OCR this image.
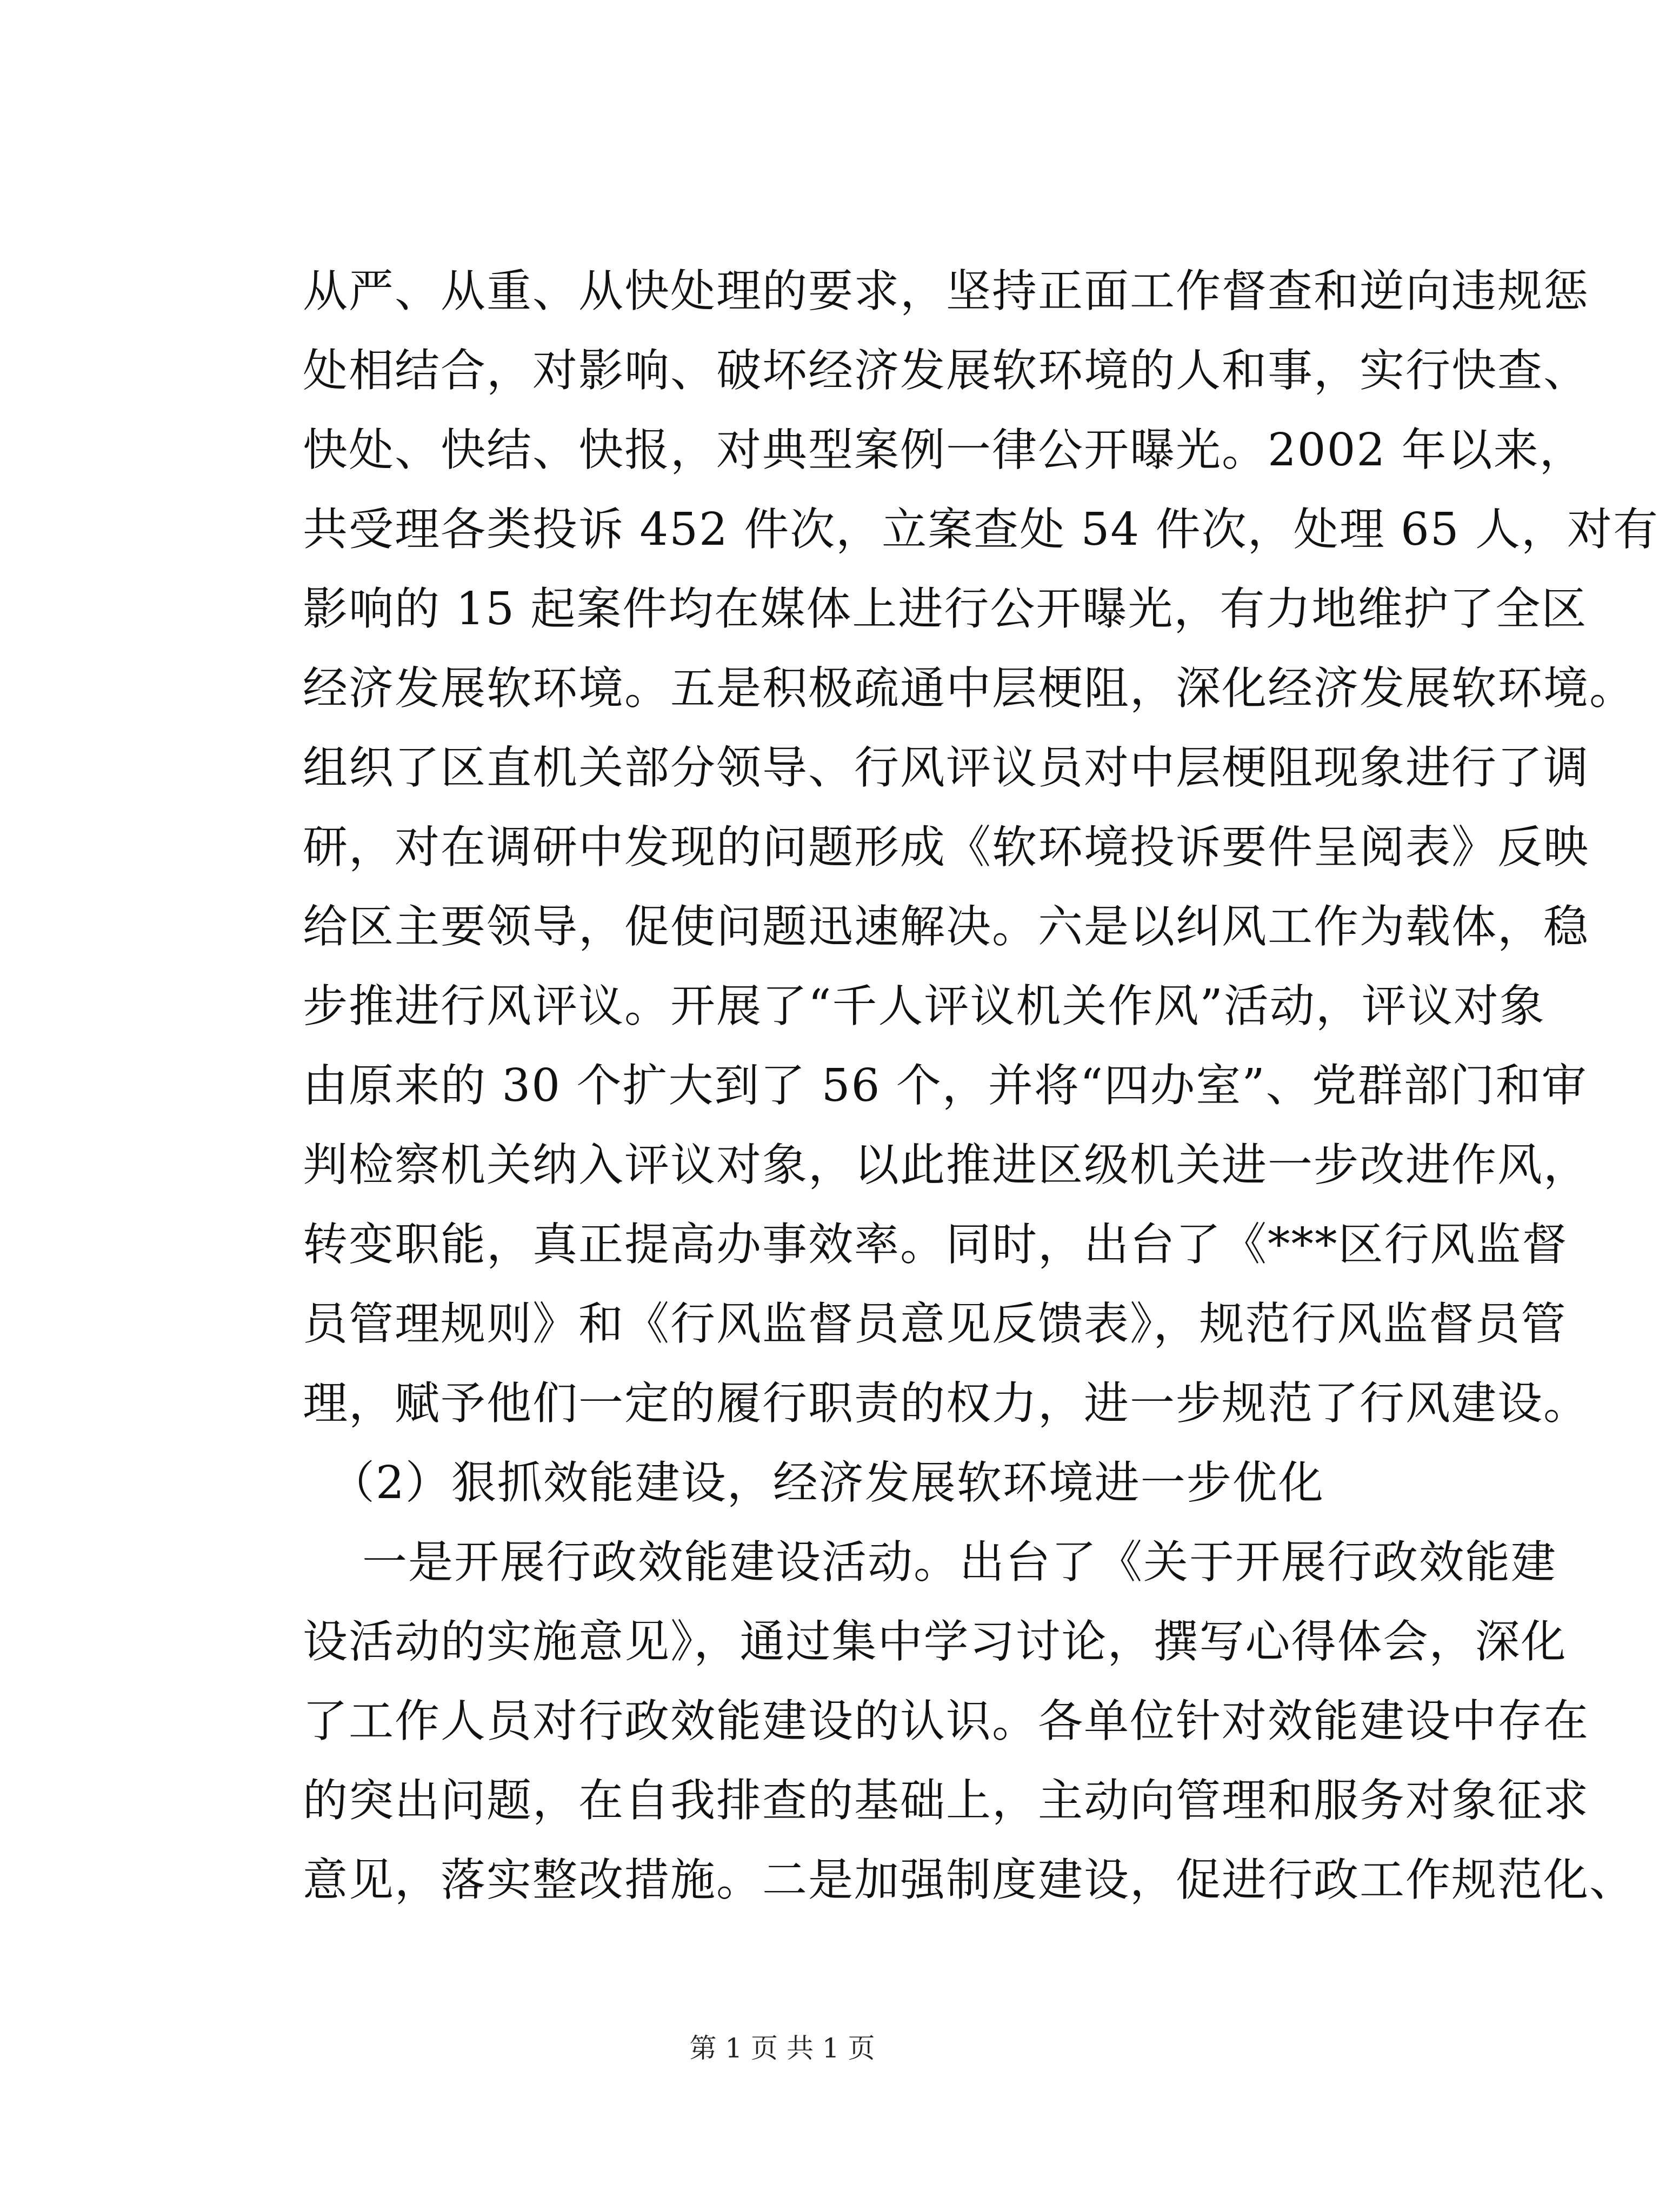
从严、从重、从快处理的要求，坚持正面工作督查和逆向违规惩
处相结合，对影响、破坏经济发展软环境的人和事，实行快查、
快处、快结、快报，对典型案例一律公开曝光。2002 年以来，
共受理各类投诉 452 件次，立案查处 54 件次，处理 65 人，对有
影响的 15 起案件均在媒体上进行公开曝光，有力地维护了全区
经济发展软环境。五是积极疏通中层梗阻，深化经济发展软环境。
组织了区直机关部分领导、行风评议员对中层梗阻现象进行了调
研，对在调研中发现的问题形成《软环境投诉要件呈阅表》反映
给区主要领导，促使问题迅速解决。六是以纠风工作为载体，稳
步推进行风评议。开展了“千人评议机关作风”活动，评议对象
由原来的 30 个扩大到了 56 个，并将“四办室”、党群部门和审
判检察机关纳入评议对象，以此推进区级机关进一步改进作风，
转变职能，真正提高办事效率。同时，出台了《***区行风监督
员管理规则》和《行风监督员意见反馈表》，规范行风监督员管
理，赋予他们一定的履行职责的权力，进一步规范了行风建设。
（2）狠抓效能建设，经济发展软环境进一步优化
一是开展行政效能建设活动。出台了《关于开展行政效能建
设活动的实施意见》，通过集中学习讨论，撰写心得体会，深化
了工作人员对行政效能建设的认识。各单位针对效能建设中存在
的突出问题，在自我排查的基础上，主动向管理和服务对象征求
意见，落实整改措施。二是加强制度建设，促进行政工作规范化、
第 1 页 共 1 页
